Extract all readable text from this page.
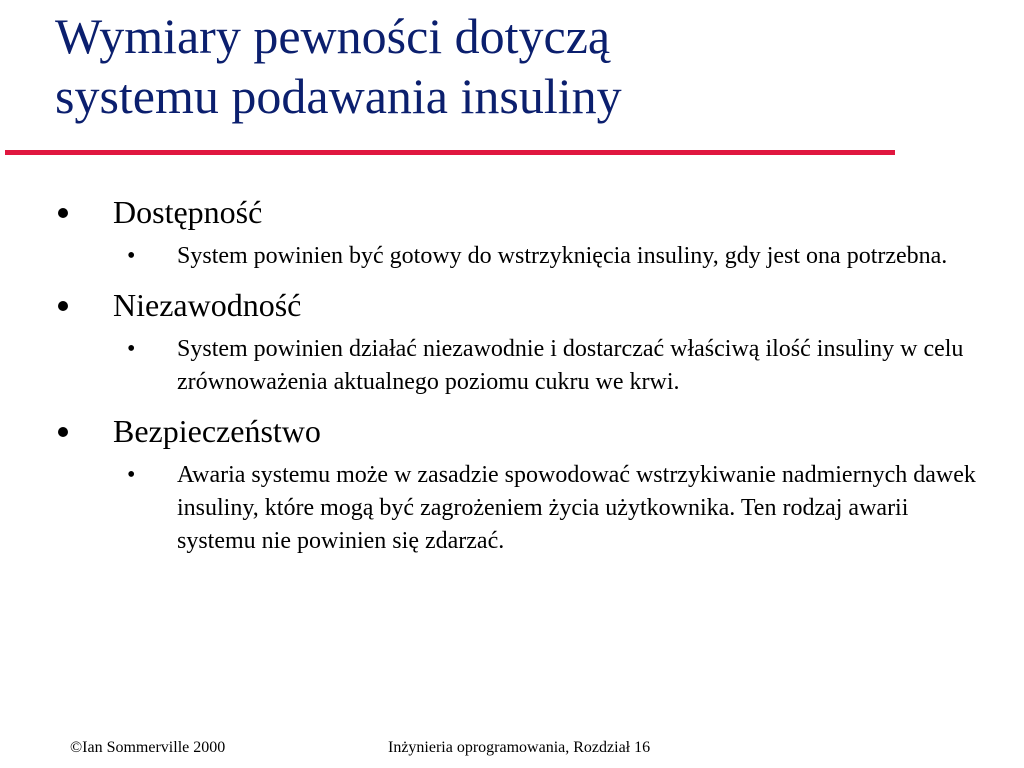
Wymiary pewności dotyczą
systemu podawania insuliny
Dostępność
• System powinien być gotowy do wstrzyknięcia insuliny, gdy jest ona potrzebna.
Niezawodność
• System powinien działać niezawodnie i dostarczać właściwą ilość insuliny w celu zrównoważenia aktualnego poziomu cukru we krwi.
Bezpieczeństwo
• Awaria systemu może w zasadzie spowodować wstrzykiwanie nadmiernych dawek insuliny, które mogą być zagrożeniem życia użytkownika. Ten rodzaj awarii systemu nie powinien się zdarzać.
©Ian Sommerville 2000	Inżynieria oprogramowania, Rozdział 16
